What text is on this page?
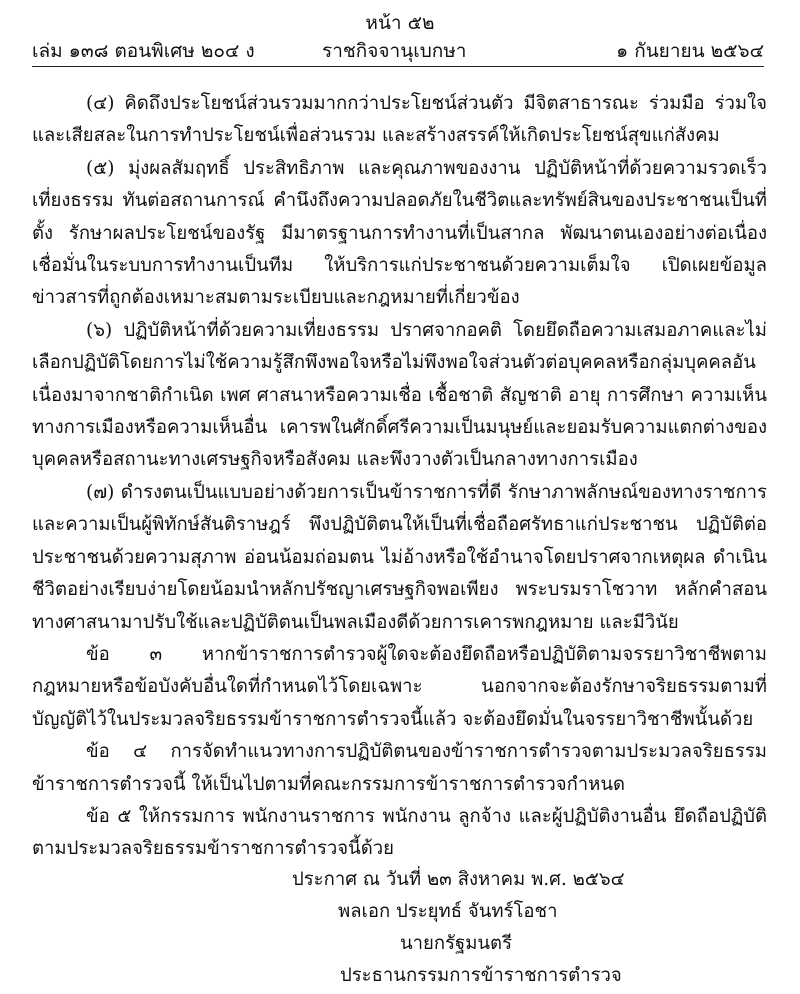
หน้า ๕๒
เล่ม ๑๓๘ ตอนพิเศษ ๒๐๔ ง	ราชกิจจานุเบกษา	๑ กันยายน ๒๕๖๔

(๔) คิดถึงประโยชน์ส่วนรวมมากกว่าประโยชน์ส่วนตัว มีจิตสาธารณะ ร่วมมือ ร่วมใจและเสียสละในการทำประโยชน์เพื่อส่วนรวม และสร้างสรรค์ให้เกิดประโยชน์สุขแก่สังคม

(๕) มุ่งผลสัมฤทธิ์ ประสิทธิภาพ และคุณภาพของงาน ปฏิบัติหน้าที่ด้วยความรวดเร็ว เที่ยงธรรม ทันต่อสถานการณ์ คำนึงถึงความปลอดภัยในชีวิตและทรัพย์สินของประชาชนเป็นที่ตั้ง รักษาผลประโยชน์ของรัฐ มีมาตรฐานการทำงานที่เป็นสากล พัฒนาตนเองอย่างต่อเนื่อง เชื่อมั่นในระบบการทำงานเป็นทีม ให้บริการแก่ประชาชนด้วยความเต็มใจ เปิดเผยข้อมูลข่าวสารที่ถูกต้องเหมาะสมตามระเบียบและกฎหมายที่เกี่ยวข้อง

(๖) ปฏิบัติหน้าที่ด้วยความเที่ยงธรรม ปราศจากอคติ โดยยึดถือความเสมอภาคและไม่เลือกปฏิบัติโดยการไม่ใช้ความรู้สึกพึงพอใจหรือไม่พึงพอใจส่วนตัวต่อบุคคลหรือกลุ่มบุคคลอันเนื่องมาจากชาติกำเนิด เพศ ศาสนาหรือความเชื่อ เชื้อชาติ สัญชาติ อายุ การศึกษา ความเห็นทางการเมืองหรือความเห็นอื่น เคารพในศักดิ์ศรีความเป็นมนุษย์และยอมรับความแตกต่างของบุคคลหรือสถานะทางเศรษฐกิจหรือสังคม และพึงวางตัวเป็นกลางทางการเมือง

(๗) ดำรงตนเป็นแบบอย่างด้วยการเป็นข้าราชการที่ดี รักษาภาพลักษณ์ของทางราชการและความเป็นผู้พิทักษ์สันติราษฎร์ พึงปฏิบัติตนให้เป็นที่เชื่อถือศรัทธาแก่ประชาชน ปฏิบัติต่อประชาชนด้วยความสุภาพ อ่อนน้อมถ่อมตน ไม่อ้างหรือใช้อำนาจโดยปราศจากเหตุผล ดำเนินชีวิตอย่างเรียบง่ายโดยน้อมนำหลักปรัชญาเศรษฐกิจพอเพียง พระบรมราโชวาท หลักคำสอนทางศาสนามาปรับใช้และปฏิบัติตนเป็นพลเมืองดีด้วยการเคารพกฎหมาย และมีวินัย

ข้อ ๓ หากข้าราชการตำรวจผู้ใดจะต้องยึดถือหรือปฏิบัติตามจรรยาวิชาชีพตามกฎหมายหรือข้อบังคับอื่นใดที่กำหนดไว้โดยเฉพาะ นอกจากจะต้องรักษาจริยธรรมตามที่บัญญัติไว้ในประมวลจริยธรรมข้าราชการตำรวจนี้แล้ว จะต้องยึดมั่นในจรรยาวิชาชีพนั้นด้วย

ข้อ ๔ การจัดทำแนวทางการปฏิบัติตนของข้าราชการตำรวจตามประมวลจริยธรรมข้าราชการตำรวจนี้ ให้เป็นไปตามที่คณะกรรมการข้าราชการตำรวจกำหนด

ข้อ ๕ ให้กรรมการ พนักงานราชการ พนักงาน ลูกจ้าง และผู้ปฏิบัติงานอื่น ยึดถือปฏิบัติตามประมวลจริยธรรมข้าราชการตำรวจนี้ด้วย

ประกาศ ณ วันที่ ๒๓ สิงหาคม พ.ศ. ๒๕๖๔
พลเอก ประยุทธ์ จันทร์โอชา
นายกรัฐมนตรี
ประธานกรรมการข้าราชการตำรวจ
